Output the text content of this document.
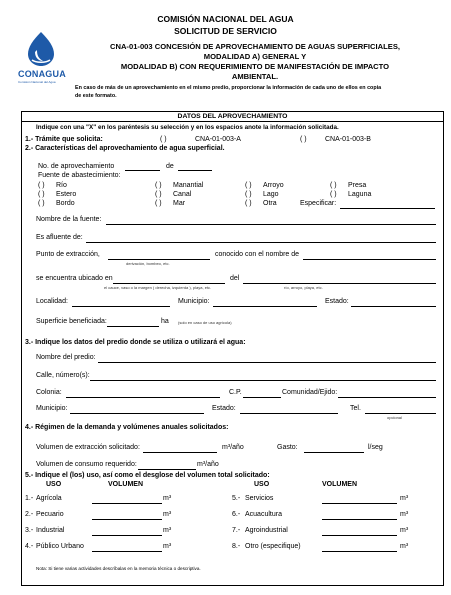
CONAGUA
Comisión Nacional del Agua
COMISIÓN NACIONAL DEL AGUA
SOLICITUD DE SERVICIO
CNA-01-003 CONCESIÓN DE APROVECHAMIENTO DE AGUAS SUPERFICIALES,
MODALIDAD A) GENERAL Y
MODALIDAD B) CON REQUERIMIENTO DE MANIFESTACIÓN DE IMPACTO
AMBIENTAL.
En caso de más de un aprovechamiento en el mismo predio, proporcionar la información de cada uno de ellos en copia
de este formato.
DATOS DEL APROVECHAMIENTO
Indique con una "X" en los paréntesis su selección y en los espacios anote la información solicitada.
1.- Trámite que solicita:	( )	CNA-01-003-A	( )	CNA-01-003-B
2.- Características del aprovechamiento de agua superficial.
No. de aprovechamiento	de
Fuente de abastecimiento:
( ) Río	( ) Manantial	( ) Arroyo	( ) Presa
( ) Estero	( ) Canal	( ) Lago	( ) Laguna
( ) Bordo	( ) Mar	( ) Otra	Especificar:
Nombre de la fuente:
Es afluente de:
Punto de extracción,
derivación, bombeo, etc.
conocido con el nombre de
se encuentra ubicado en
el cauce, vaso o la margen ( derecha, izquierda ), playa, etc.
del
río, arroyo, playa, etc.
Localidad:	Municipio:	Estado:
Superficie beneficiada:	ha (solo en caso de uso agrícola)
3.- Indique los datos del predio donde se utiliza o utilizará el agua:
Nombre del predio:
Calle, número(s):
Colonia:	C.P.	Comunidad/Ejido:
Municipio:	Estado:	Tel.
opcional
4.- Régimen de la demanda y volúmenes anuales solicitados:
Volumen de extracción solicitado:	m³/año	Gasto:	l/seg
Volumen de consumo requerido:	m³/año
5.- Indique el (los) uso, así como el desglose del volumen total solicitado:
USO	VOLUMEN	USO	VOLUMEN
1.- Agrícola	m³
2.- Pecuario	m³
3.- Industrial	m³
4.- Público Urbano	m³
5.- Servicios	m³
6.- Acuacultura	m³
7.- Agroindustrial	m³
8.- Otro (especifique)	m³
Nota: Si tiene varias actividades descríbalas en la memoria técnica o descriptiva.
